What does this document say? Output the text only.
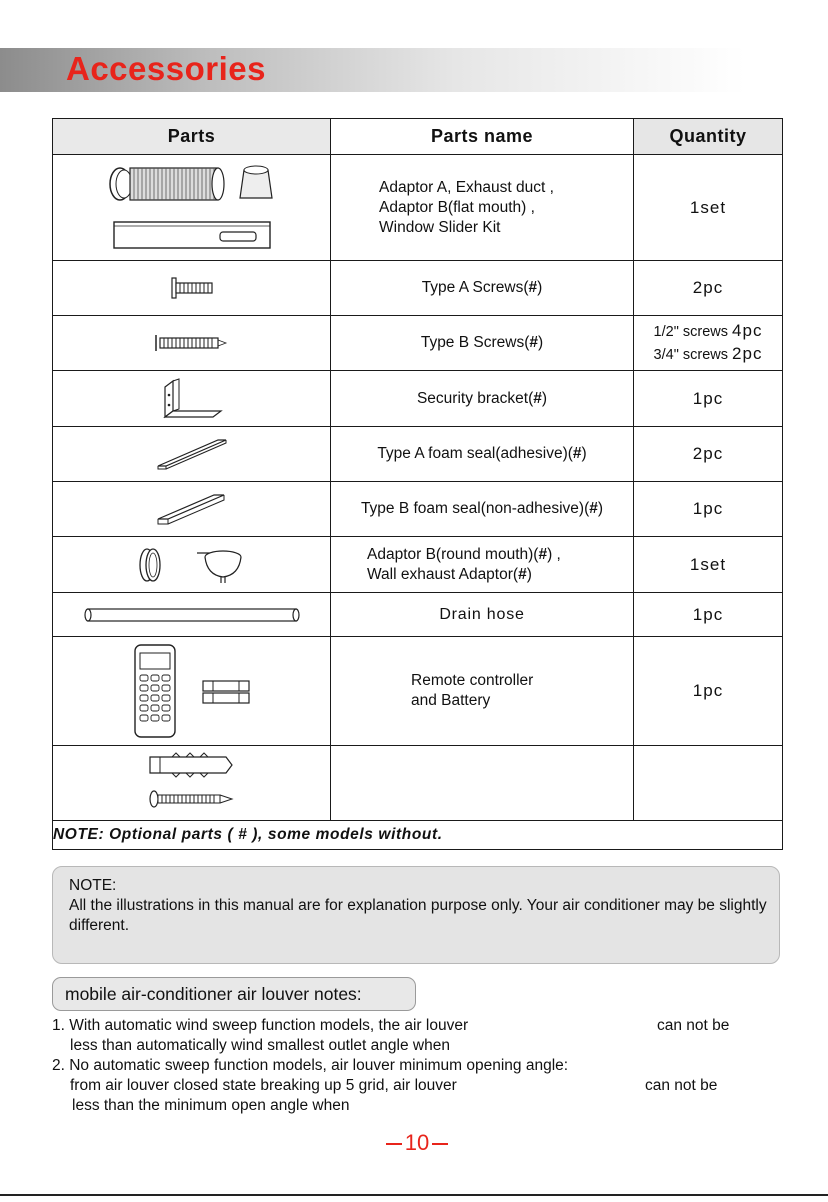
Accessories
Parts	Parts name	Quantity

Adaptor A, Exhaust duct ,
Adaptor B(flat mouth) ,
Window Slider Kit	1set

	Type A Screws(#)	2pc

	Type B Screws(#)	1/2" screws 4pc
3/4" screws 2pc

	Security bracket(#)	1pc

	Type A foam seal(adhesive)(#)	2pc

	Type B foam seal(non-adhesive)(#)	1pc

Adaptor B(round mouth)(#) ,
Wall exhaust Adaptor(#)	1set

	Drain hose	1pc

Remote controller
and Battery	1pc

NOTE: Optional parts ( # ), some models without.		
NOTE:
All the illustrations in this manual are for explanation purpose only. Your air conditioner may be slightly different.
mobile air-conditioner air louver notes:
1. With automatic wind sweep function models, the air louver	can not be
less than automatically wind smallest outlet angle when
2. No automatic sweep function models, air louver minimum opening angle:
from air louver closed state breaking up 5 grid, air louver	can not be
less than the minimum open angle when
10
